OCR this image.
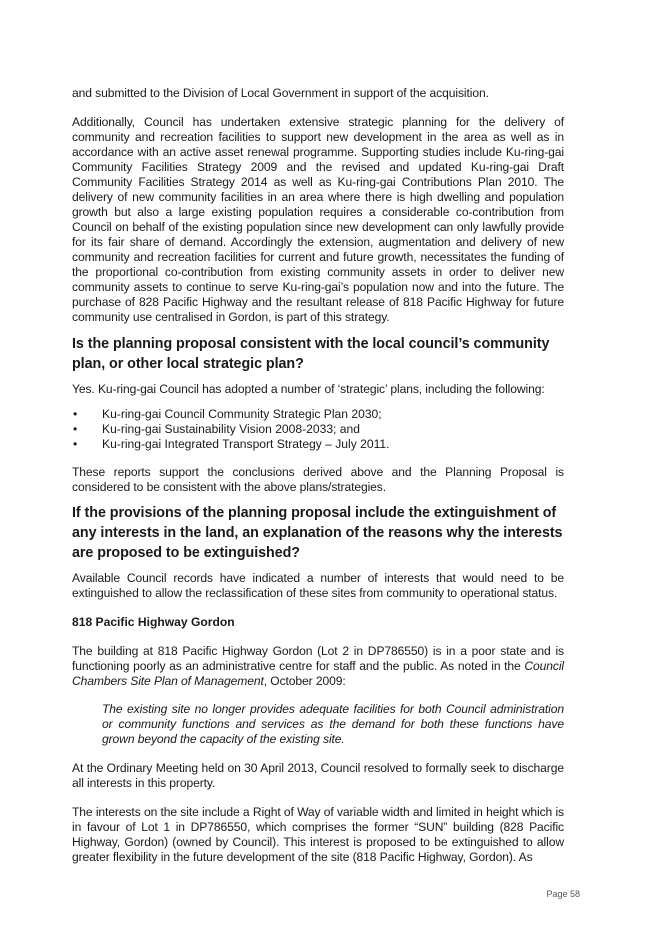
and submitted to the Division of Local Government in support of the acquisition.

Additionally, Council has undertaken extensive strategic planning for the delivery of community and recreation facilities to support new development in the area as well as in accordance with an active asset renewal programme. Supporting studies include Ku-ring-gai Community Facilities Strategy 2009 and the revised and updated Ku-ring-gai Draft Community Facilities Strategy 2014 as well as Ku-ring-gai Contributions Plan 2010. The delivery of new community facilities in an area where there is high dwelling and population growth but also a large existing population requires a considerable co-contribution from Council on behalf of the existing population since new development can only lawfully provide for its fair share of demand. Accordingly the extension, augmentation and delivery of new community and recreation facilities for current and future growth, necessitates the funding of the proportional co-contribution from existing community assets in order to deliver new community assets to continue to serve Ku-ring-gai’s population now and into the future. The purchase of 828 Pacific Highway and the resultant release of 818 Pacific Highway for future community use centralised in Gordon, is part of this strategy.

Is the planning proposal consistent with the local council’s community plan, or other local strategic plan?

Yes. Ku-ring-gai Council has adopted a number of ‘strategic’ plans, including the following:

• Ku-ring-gai Council Community Strategic Plan 2030;
• Ku-ring-gai Sustainability Vision 2008-2033; and
• Ku-ring-gai Integrated Transport Strategy – July 2011.

These reports support the conclusions derived above and the Planning Proposal is considered to be consistent with the above plans/strategies.

If the provisions of the planning proposal include the extinguishment of any interests in the land, an explanation of the reasons why the interests are proposed to be extinguished?

Available Council records have indicated a number of interests that would need to be extinguished to allow the reclassification of these sites from community to operational status.

818 Pacific Highway Gordon

The building at 818 Pacific Highway Gordon (Lot 2 in DP786550) is in a poor state and is functioning poorly as an administrative centre for staff and the public. As noted in the Council Chambers Site Plan of Management, October 2009:

The existing site no longer provides adequate facilities for both Council administration or community functions and services as the demand for both these functions have grown beyond the capacity of the existing site.

At the Ordinary Meeting held on 30 April 2013, Council resolved to formally seek to discharge all interests in this property.

The interests on the site include a Right of Way of variable width and limited in height which is in favour of Lot 1 in DP786550, which comprises the former “SUN” building (828 Pacific Highway, Gordon) (owned by Council). This interest is proposed to be extinguished to allow greater flexibility in the future development of the site (818 Pacific Highway, Gordon). As

Page 58
